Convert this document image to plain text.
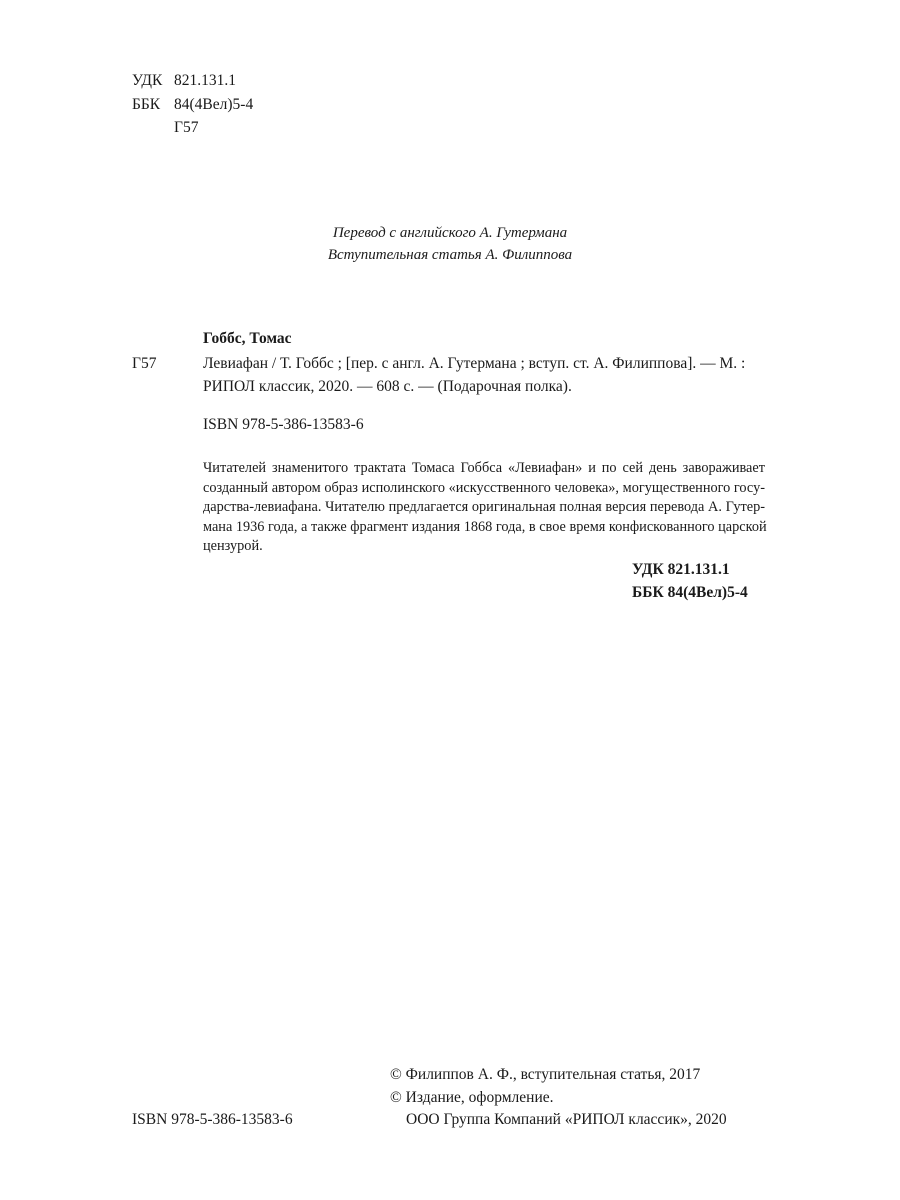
УДК 821.131.1
ББК 84(4Вел)5-4
Г57
Перевод с английского А. Гутермана
Вступительная статья А. Филиппова
Гоббс, Томас
Г57	Левиафан / Т. Гоббс ; [пер. с англ. А. Гутермана ; вступ. ст. А. Филиппова]. — М. :
РИПОЛ классик, 2020. — 608 с. — (Подарочная полка).
ISBN 978-5-386-13583-6
Читателей знаменитого трактата Томаса Гоббса «Левиафан» и по сей день завораживает
созданный автором образ исполинского «искусственного человека», могущественного госу-
дарства-левиафана. Читателю предлагается оригинальная полная версия перевода А. Гутер-
мана 1936 года, а также фрагмент издания 1868 года, в свое время конфискованного царской
цензурой.
УДК 821.131.1
ББК 84(4Вел)5-4
© Филиппов А. Ф., вступительная статья, 2017
© Издание, оформление.
ООО Группа Компаний «РИПОЛ классик», 2020
ISBN 978-5-386-13583-6
